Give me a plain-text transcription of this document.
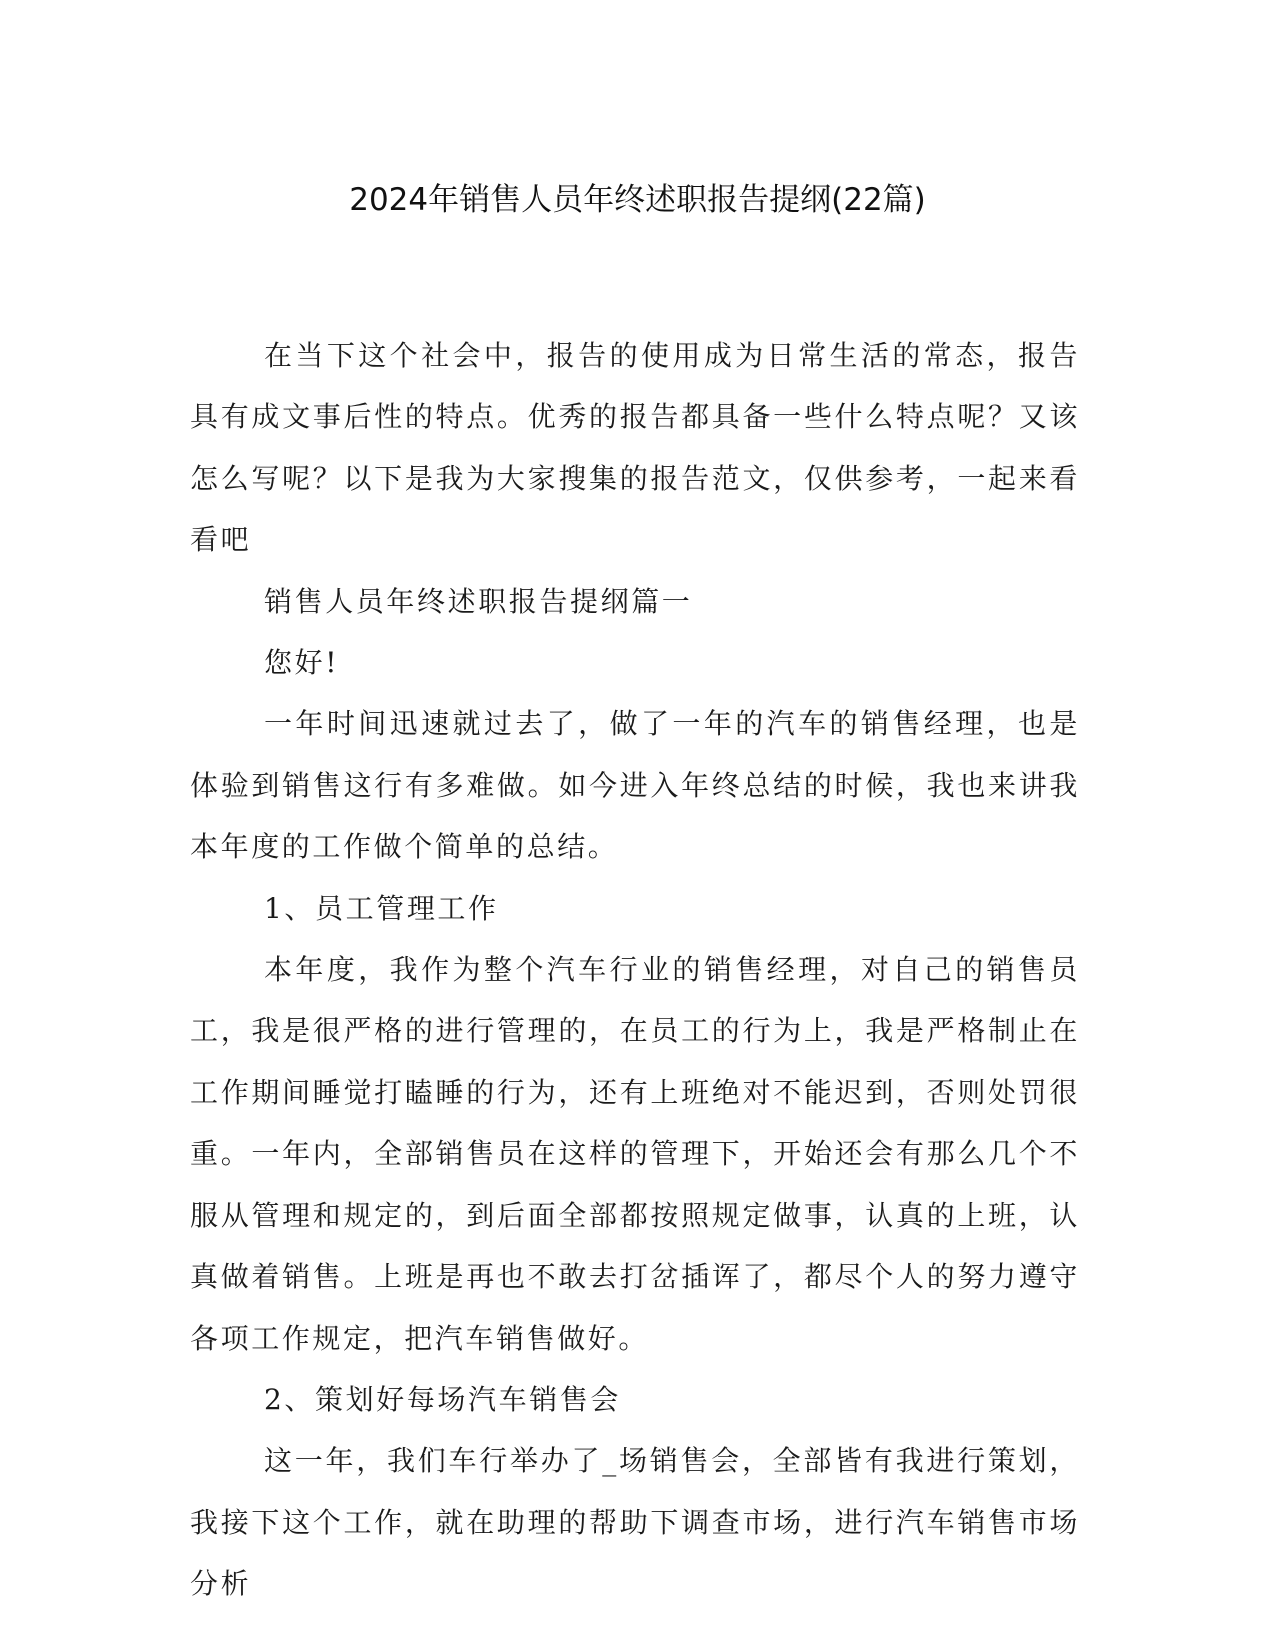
2024年销售人员年终述职报告提纲(22篇)

在当下这个社会中，报告的使用成为日常生活的常态，报告具有成文事后性的特点。优秀的报告都具备一些什么特点呢？又该怎么写呢？以下是我为大家搜集的报告范文，仅供参考，一起来看看吧

销售人员年终述职报告提纲篇一

您好!

一年时间迅速就过去了，做了一年的汽车的销售经理，也是体验到销售这行有多难做。如今进入年终总结的时候，我也来讲我本年度的工作做个简单的总结。

1、员工管理工作

本年度，我作为整个汽车行业的销售经理，对自己的销售员工，我是很严格的进行管理的，在员工的行为上，我是严格制止在工作期间睡觉打瞌睡的行为，还有上班绝对不能迟到，否则处罚很重。一年内，全部销售员在这样的管理下，开始还会有那么几个不服从管理和规定的，到后面全部都按照规定做事，认真的上班，认真做着销售。上班是再也不敢去打岔插诨了，都尽个人的努力遵守各项工作规定，把汽车销售做好。

2、策划好每场汽车销售会

这一年，我们车行举办了_场销售会，全部皆有我进行策划，我接下这个工作，就在助理的帮助下调查市场，进行汽车销售市场分析
